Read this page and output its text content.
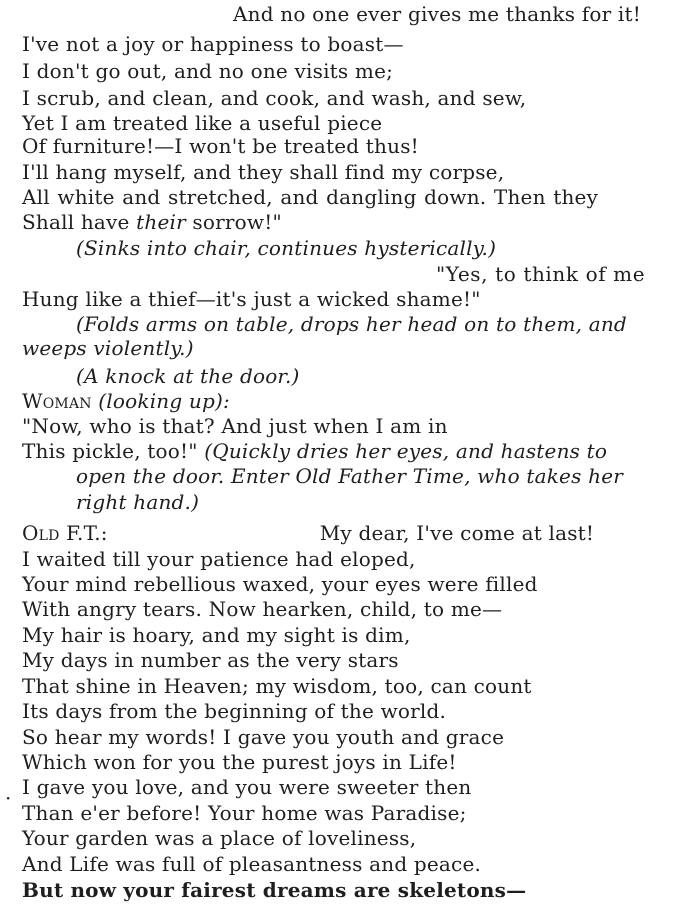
And no one ever gives me thanks for it!
I've not a joy or happiness to boast—
I don't go out, and no one visits me;
I scrub, and clean, and cook, and wash, and sew,
Yet I am treated like a useful piece
Of furniture!—I won't be treated thus!
I'll hang myself, and they shall find my corpse,
All white and stretched, and dangling down. Then they
Shall have their sorrow!"
(Sinks into chair, continues hysterically.)
"Yes, to think of me
Hung like a thief—it's just a wicked shame!"
(Folds arms on table, drops her head on to them, and
weeps violently.)
(A knock at the door.)
Woman (looking up):
"Now, who is that? And just when I am in
This pickle, too!" (Quickly dries her eyes, and hastens to
open the door. Enter Old Father Time, who takes her
right hand.)
Old F.T.:	My dear, I've come at last!
I waited till your patience had eloped,
Your mind rebellious waxed, your eyes were filled
With angry tears. Now hearken, child, to me—
My hair is hoary, and my sight is dim,
My days in number as the very stars
That shine in Heaven; my wisdom, too, can count
Its days from the beginning of the world.
So hear my words! I gave you youth and grace
Which won for you the purest joys in Life!
I gave you love, and you were sweeter then
Than e'er before! Your home was Paradise;
Your garden was a place of loveliness,
And Life was full of pleasantness and peace.
But now your fairest dreams are skeletons—
·
